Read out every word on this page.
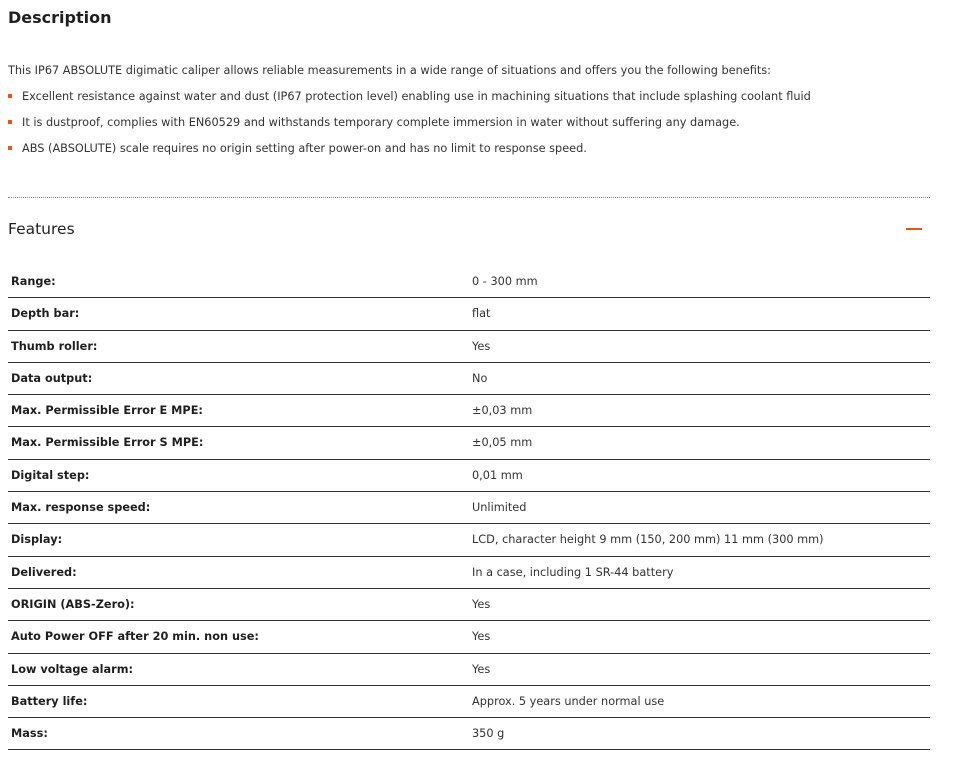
Description

This IP67 ABSOLUTE digimatic caliper allows reliable measurements in a wide range of situations and offers you the following benefits:

Excellent resistance against water and dust (IP67 protection level) enabling use in machining situations that include splashing coolant fluid
It is dustproof, complies with EN60529 and withstands temporary complete immersion in water without suffering any damage.
ABS (ABSOLUTE) scale requires no origin setting after power-on and has no limit to response speed.
Features
Range:	0 - 300 mm
Depth bar:	flat
Thumb roller:	Yes
Data output:	No
Max. Permissible Error E MPE:	±0,03 mm
Max. Permissible Error S MPE:	±0,05 mm
Digital step:	0,01 mm
Max. response speed:	Unlimited
Display:	LCD, character height 9 mm (150, 200 mm) 11 mm (300 mm)
Delivered:	In a case, including 1 SR-44 battery
ORIGIN (ABS-Zero):	Yes
Auto Power OFF after 20 min. non use:	Yes
Low voltage alarm:	Yes
Battery life:	Approx. 5 years under normal use
Mass:	350 g
